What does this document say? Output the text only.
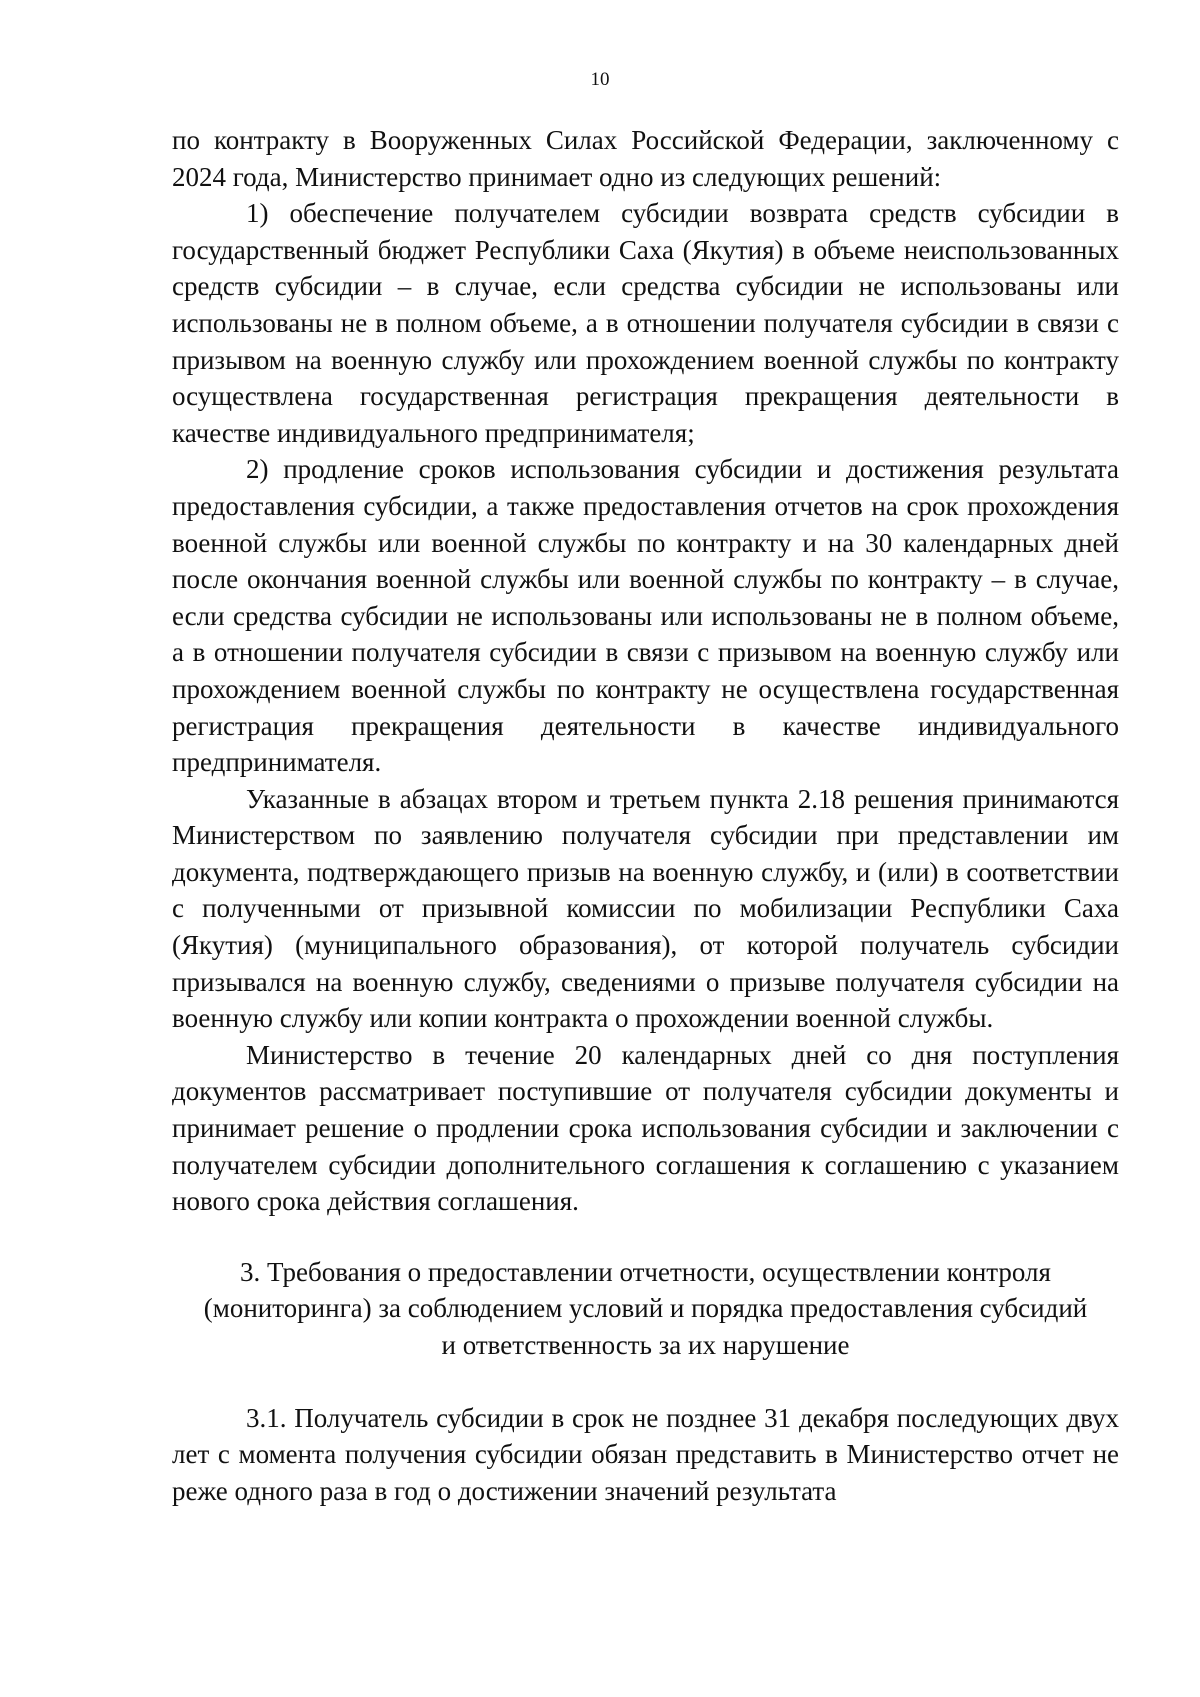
10

по контракту в Вооруженных Силах Российской Федерации, заключенному с 2024 года, Министерство принимает одно из следующих решений:

1) обеспечение получателем субсидии возврата средств субсидии в государственный бюджет Республики Саха (Якутия) в объеме неиспользованных средств субсидии – в случае, если средства субсидии не использованы или использованы не в полном объеме, а в отношении получателя субсидии в связи с призывом на военную службу или прохождением военной службы по контракту осуществлена государственная регистрация прекращения деятельности в качестве индивидуального предпринимателя;

2) продление сроков использования субсидии и достижения результата предоставления субсидии, а также предоставления отчетов на срок прохождения военной службы или военной службы по контракту и на 30 календарных дней после окончания военной службы или военной службы по контракту – в случае, если средства субсидии не использованы или использованы не в полном объеме, а в отношении получателя субсидии в связи с призывом на военную службу или прохождением военной службы по контракту не осуществлена государственная регистрация прекращения деятельности в качестве индивидуального предпринимателя.

Указанные в абзацах втором и третьем пункта 2.18 решения принимаются Министерством по заявлению получателя субсидии при представлении им документа, подтверждающего призыв на военную службу, и (или) в соответствии с полученными от призывной комиссии по мобилизации Республики Саха (Якутия) (муниципального образования), от которой получатель субсидии призывался на военную службу, сведениями о призыве получателя субсидии на военную службу или копии контракта о прохождении военной службы.

Министерство в течение 20 календарных дней со дня поступления документов рассматривает поступившие от получателя субсидии документы и принимает решение о продлении срока использования субсидии и заключении с получателем субсидии дополнительного соглашения к соглашению с указанием нового срока действия соглашения.

3. Требования о предоставлении отчетности, осуществлении контроля
(мониторинга) за соблюдением условий и порядка предоставления субсидий
и ответственность за их нарушение

3.1. Получатель субсидии в срок не позднее 31 декабря последующих двух лет с момента получения субсидии обязан представить в Министерство отчет не реже одного раза в год о достижении значений результата
